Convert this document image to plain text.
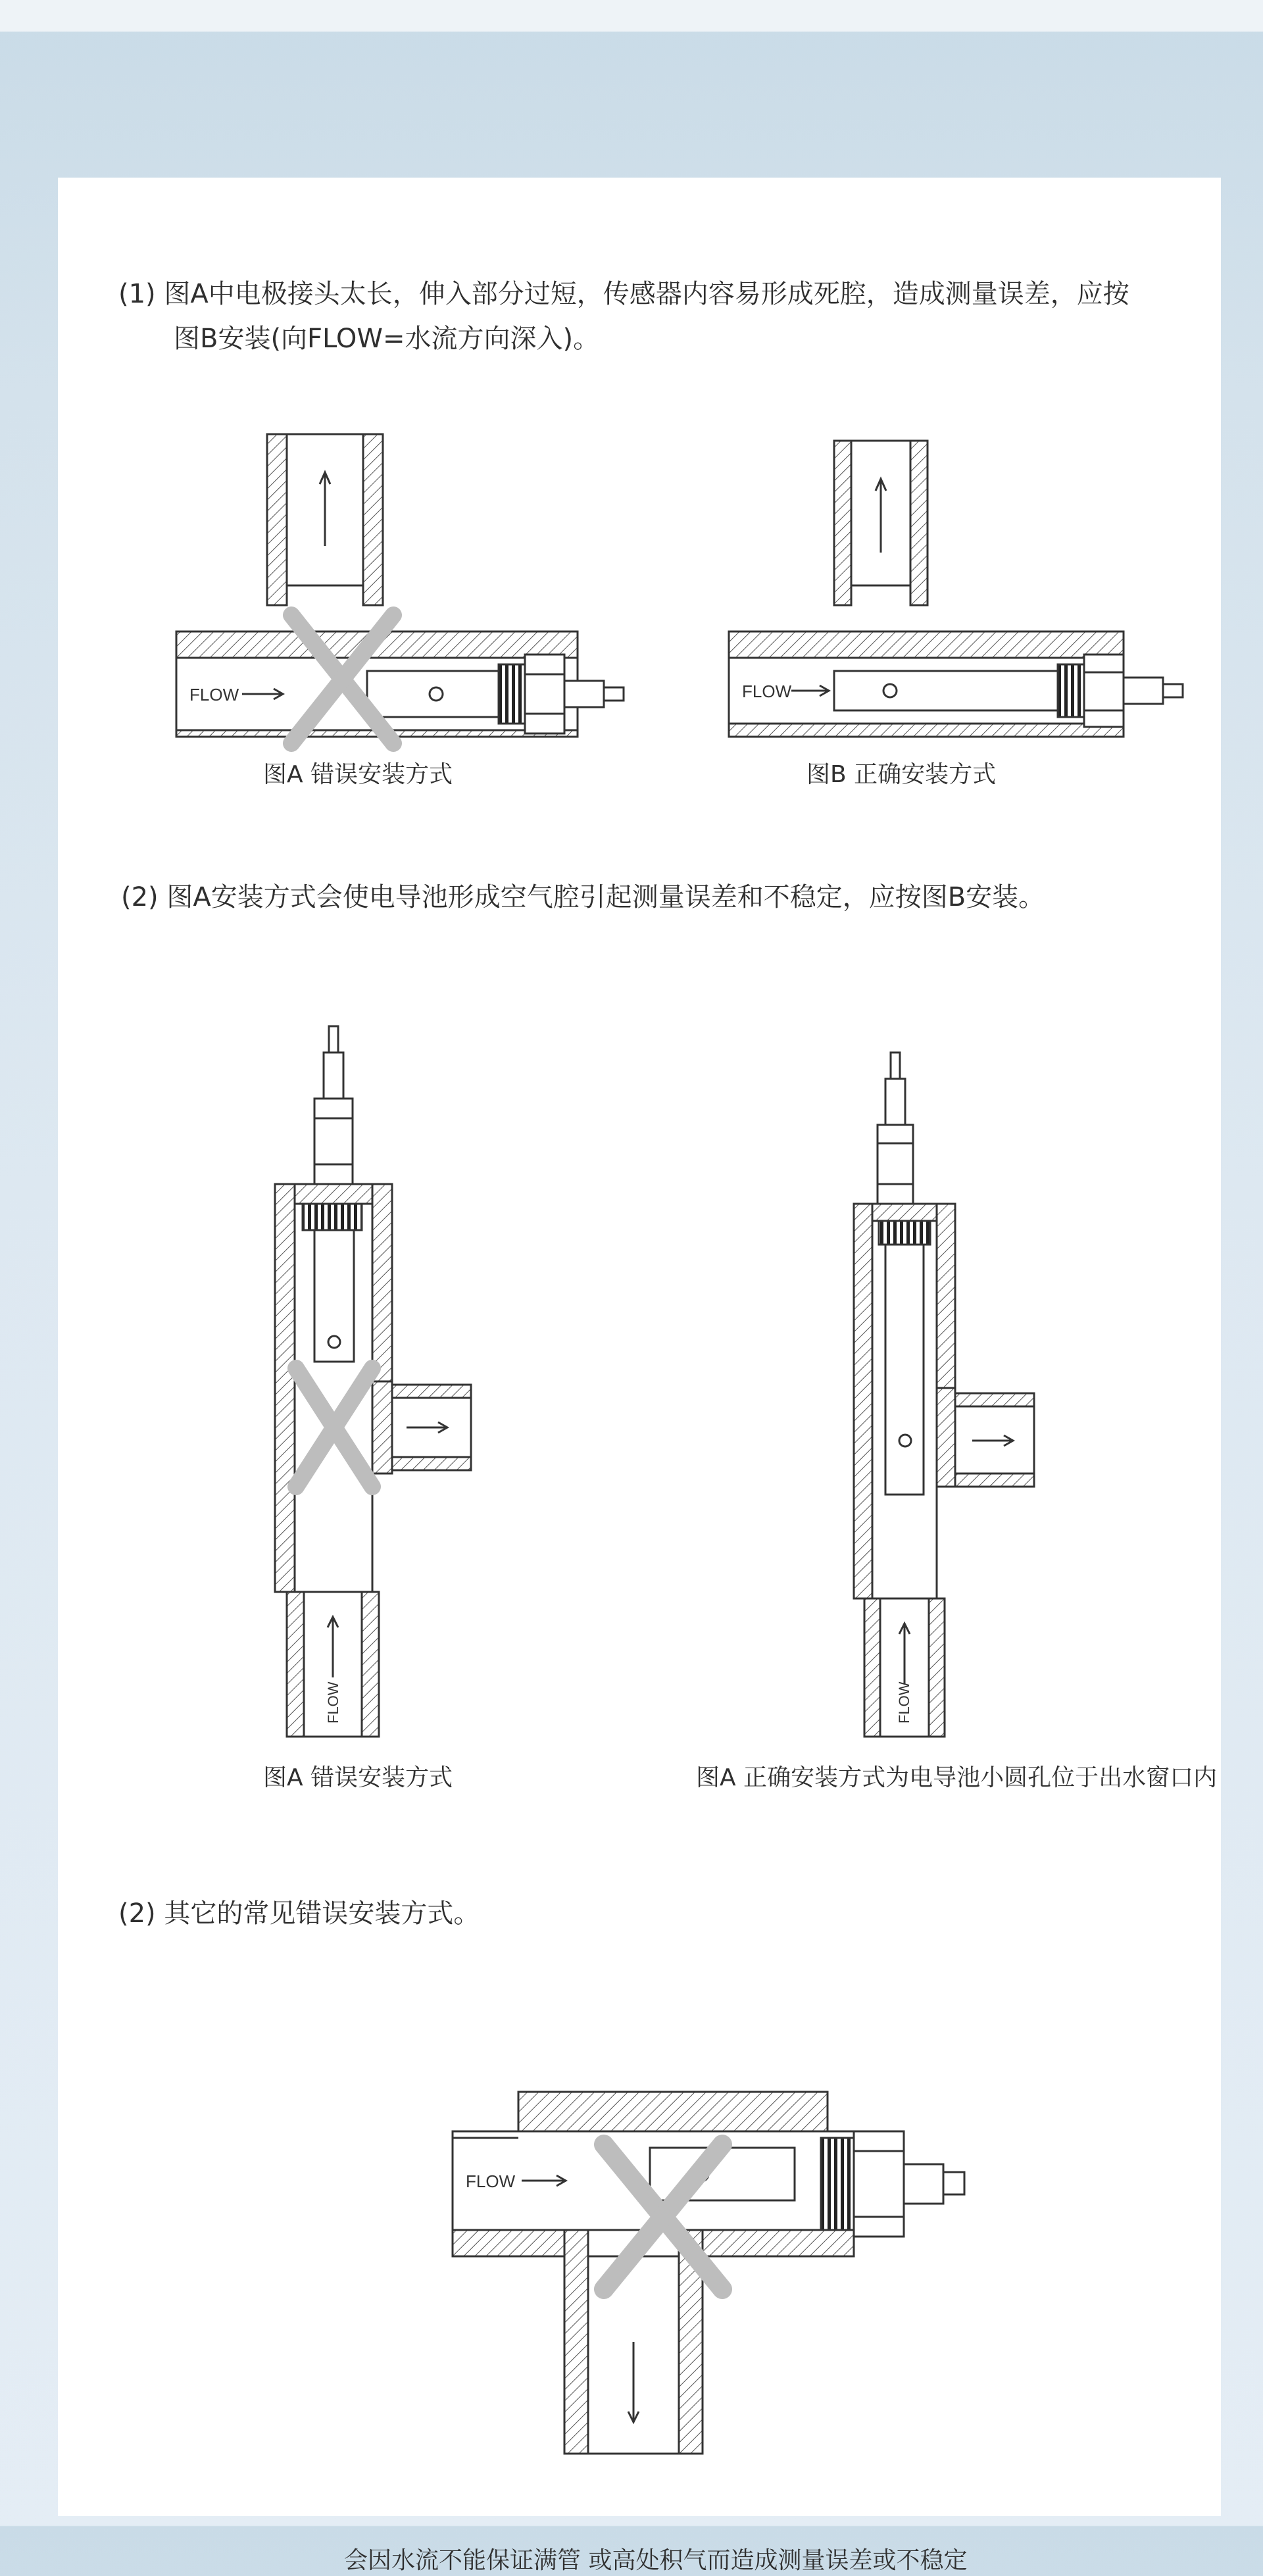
(1) 图A中电极接头太长，伸入部分过短，传感器内容易形成死腔，造成测量误差，应按
图B安装(向FLOW=水流方向深入)。
FLOW
图A 错误安装方式
FLOW
图B 正确安装方式
(2) 图A安装方式会使电导池形成空气腔引起测量误差和不稳定，应按图B安装。
FLOW
图A 错误安装方式
FLOW
图A 正确安装方式为电导池小圆孔位于出水窗口内
(2) 其它的常见错误安装方式。
FLOW
会因水流不能保证满管 或高处积气而造成测量误差或不稳定
